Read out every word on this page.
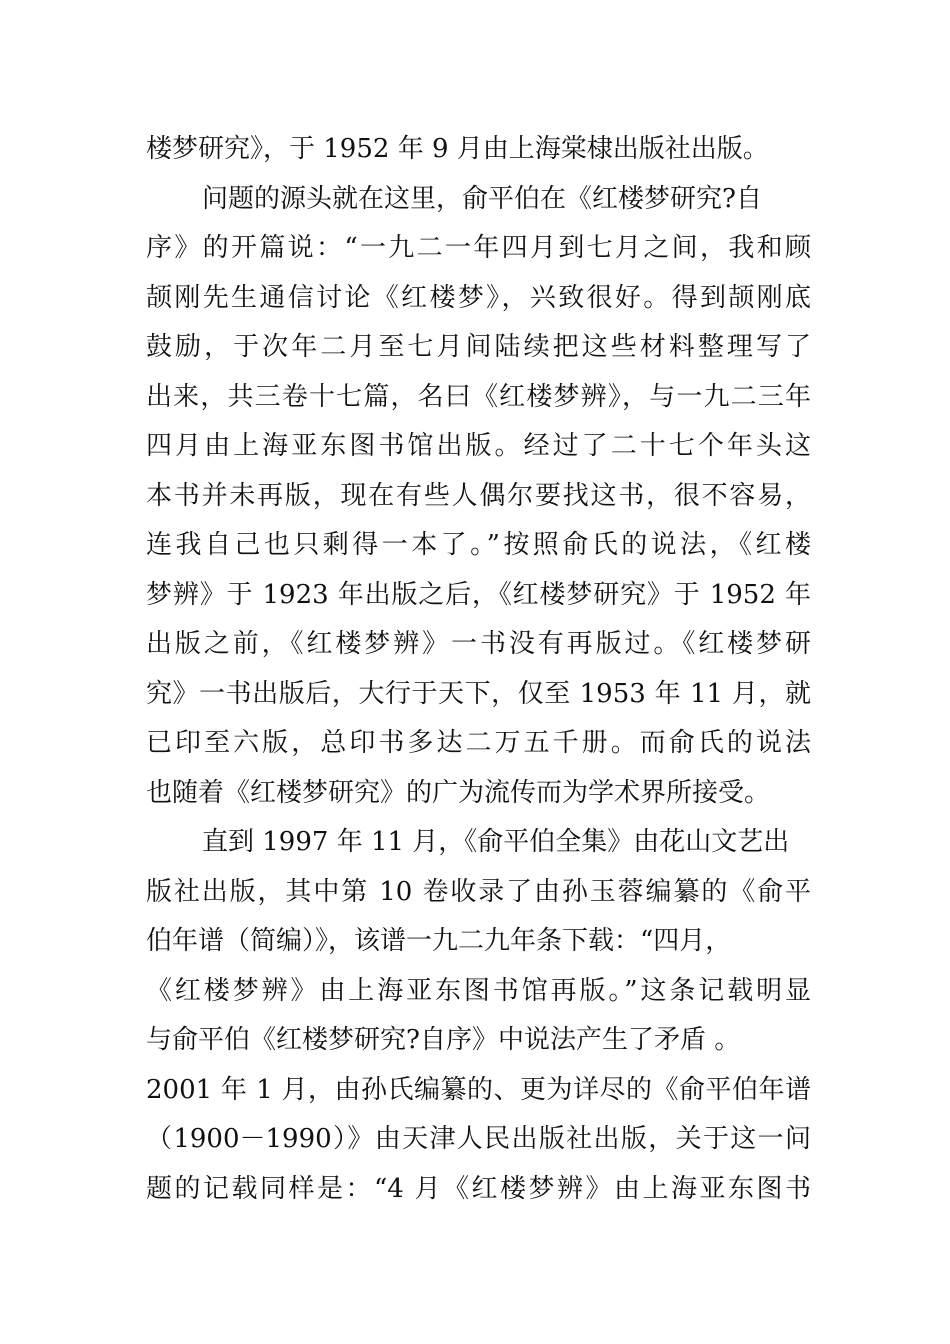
楼梦研究》，于 1952 年 9 月由上海棠棣出版社出版。
问题的源头就在这里，俞平伯在《红楼梦研究?自
序》的开篇说：“一九二一年四月到七月之间，我和顾
颉刚先生通信讨论《红楼梦》，兴致很好。得到颉刚底
鼓励，于次年二月至七月间陆续把这些材料整理写了
出来，共三卷十七篇，名曰《红楼梦辨》，与一九二三年
四月由上海亚东图书馆出版。经过了二十七个年头这
本书并未再版，现在有些人偶尔要找这书，很不容易，
连我自己也只剩得一本了。”按照俞氏的说法，《红楼
梦辨》于 1923 年出版之后，《红楼梦研究》于 1952 年
出版之前，《红楼梦辨》一书没有再版过。《红楼梦研
究》一书出版后，大行于天下，仅至 1953 年 11 月，就
已印至六版，总印书多达二万五千册。而俞氏的说法
也随着《红楼梦研究》的广为流传而为学术界所接受。
直到 1997 年 11 月，《俞平伯全集》由花山文艺出
版社出版，其中第 10 卷收录了由孙玉蓉编纂的《俞平
伯年谱（简编）》，该谱一九二九年条下载：“四月，
《红楼梦辨》由上海亚东图书馆再版。”这条记载明显
与俞平伯《红楼梦研究?自序》中说法产生了矛盾 。
2001 年 1 月，由孙氏编纂的、更为详尽的《俞平伯年谱
（1900－1990）》由天津人民出版社出版，关于这一问
题的记载同样是：“4 月《红楼梦辨》由上海亚东图书
